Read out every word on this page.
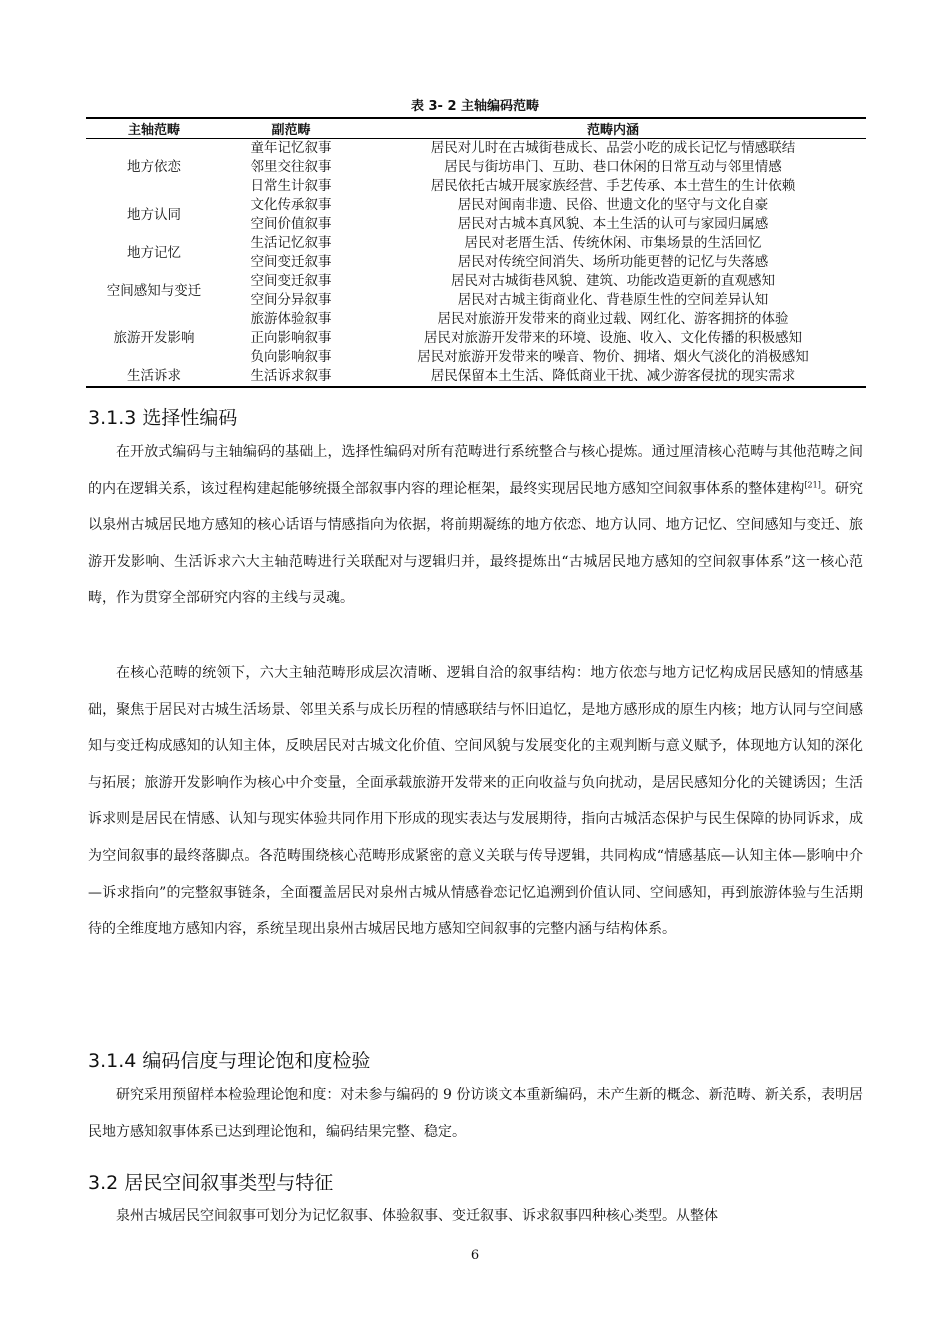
表 3- 2 主轴编码范畴
主轴范畴	副范畴	范畴内涵
地方依恋	童年记忆叙事	居民对儿时在古城街巷成长、品尝小吃的成长记忆与情感联结
	邻里交往叙事	居民与街坊串门、互助、巷口休闲的日常互动与邻里情感
	日常生计叙事	居民依托古城开展家族经营、手艺传承、本土营生的生计依赖
地方认同	文化传承叙事	居民对闽南非遗、民俗、世遗文化的坚守与文化自豪
	空间价值叙事	居民对古城本真风貌、本土生活的认可与家园归属感
地方记忆	生活记忆叙事	居民对老厝生活、传统休闲、市集场景的生活回忆
	空间变迁叙事	居民对传统空间消失、场所功能更替的记忆与失落感
空间感知与变迁	空间变迁叙事	居民对古城街巷风貌、建筑、功能改造更新的直观感知
	空间分异叙事	居民对古城主街商业化、背巷原生性的空间差异认知
旅游开发影响	旅游体验叙事	居民对旅游开发带来的商业过载、网红化、游客拥挤的体验
	正向影响叙事	居民对旅游开发带来的环境、设施、收入、文化传播的积极感知
	负向影响叙事	居民对旅游开发带来的噪音、物价、拥堵、烟火气淡化的消极感知
生活诉求	生活诉求叙事	居民保留本土生活、降低商业干扰、减少游客侵扰的现实需求
3.1.3 选择性编码

在开放式编码与主轴编码的基础上，选择性编码对所有范畴进行系统整合与核心提炼。通过厘清核心范畴与其他范畴之间的内在逻辑关系，该过程构建起能够统摄全部叙事内容的理论框架，最终实现居民地方感知空间叙事体系的整体建构[21]。研究以泉州古城居民地方感知的核心话语与情感指向为依据，将前期凝练的地方依恋、地方认同、地方记忆、空间感知与变迁、旅游开发影响、生活诉求六大主轴范畴进行关联配对与逻辑归并，最终提炼出“古城居民地方感知的空间叙事体系”这一核心范畴，作为贯穿全部研究内容的主线与灵魂。

在核心范畴的统领下，六大主轴范畴形成层次清晰、逻辑自洽的叙事结构：地方依恋与地方记忆构成居民感知的情感基础，聚焦于居民对古城生活场景、邻里关系与成长历程的情感联结与怀旧追忆，是地方感形成的原生内核；地方认同与空间感知与变迁构成感知的认知主体，反映居民对古城文化价值、空间风貌与发展变化的主观判断与意义赋予，体现地方认知的深化与拓展；旅游开发影响作为核心中介变量，全面承载旅游开发带来的正向收益与负向扰动，是居民感知分化的关键诱因；生活诉求则是居民在情感、认知与现实体验共同作用下形成的现实表达与发展期待，指向古城活态保护与民生保障的协同诉求，成为空间叙事的最终落脚点。各范畴围绕核心范畴形成紧密的意义关联与传导逻辑，共同构成“情感基底—认知主体—影响中介—诉求指向”的完整叙事链条，全面覆盖居民对泉州古城从情感眷恋记忆追溯到价值认同、空间感知，再到旅游体验与生活期待的全维度地方感知内容，系统呈现出泉州古城居民地方感知空间叙事的完整内涵与结构体系。

3.1.4 编码信度与理论饱和度检验

研究采用预留样本检验理论饱和度：对未参与编码的 9 份访谈文本重新编码，未产生新的概念、新范畴、新关系，表明居民地方感知叙事体系已达到理论饱和，编码结果完整、稳定。

3.2 居民空间叙事类型与特征

泉州古城居民空间叙事可划分为记忆叙事、体验叙事、变迁叙事、诉求叙事四种核心类型。从整体

6
